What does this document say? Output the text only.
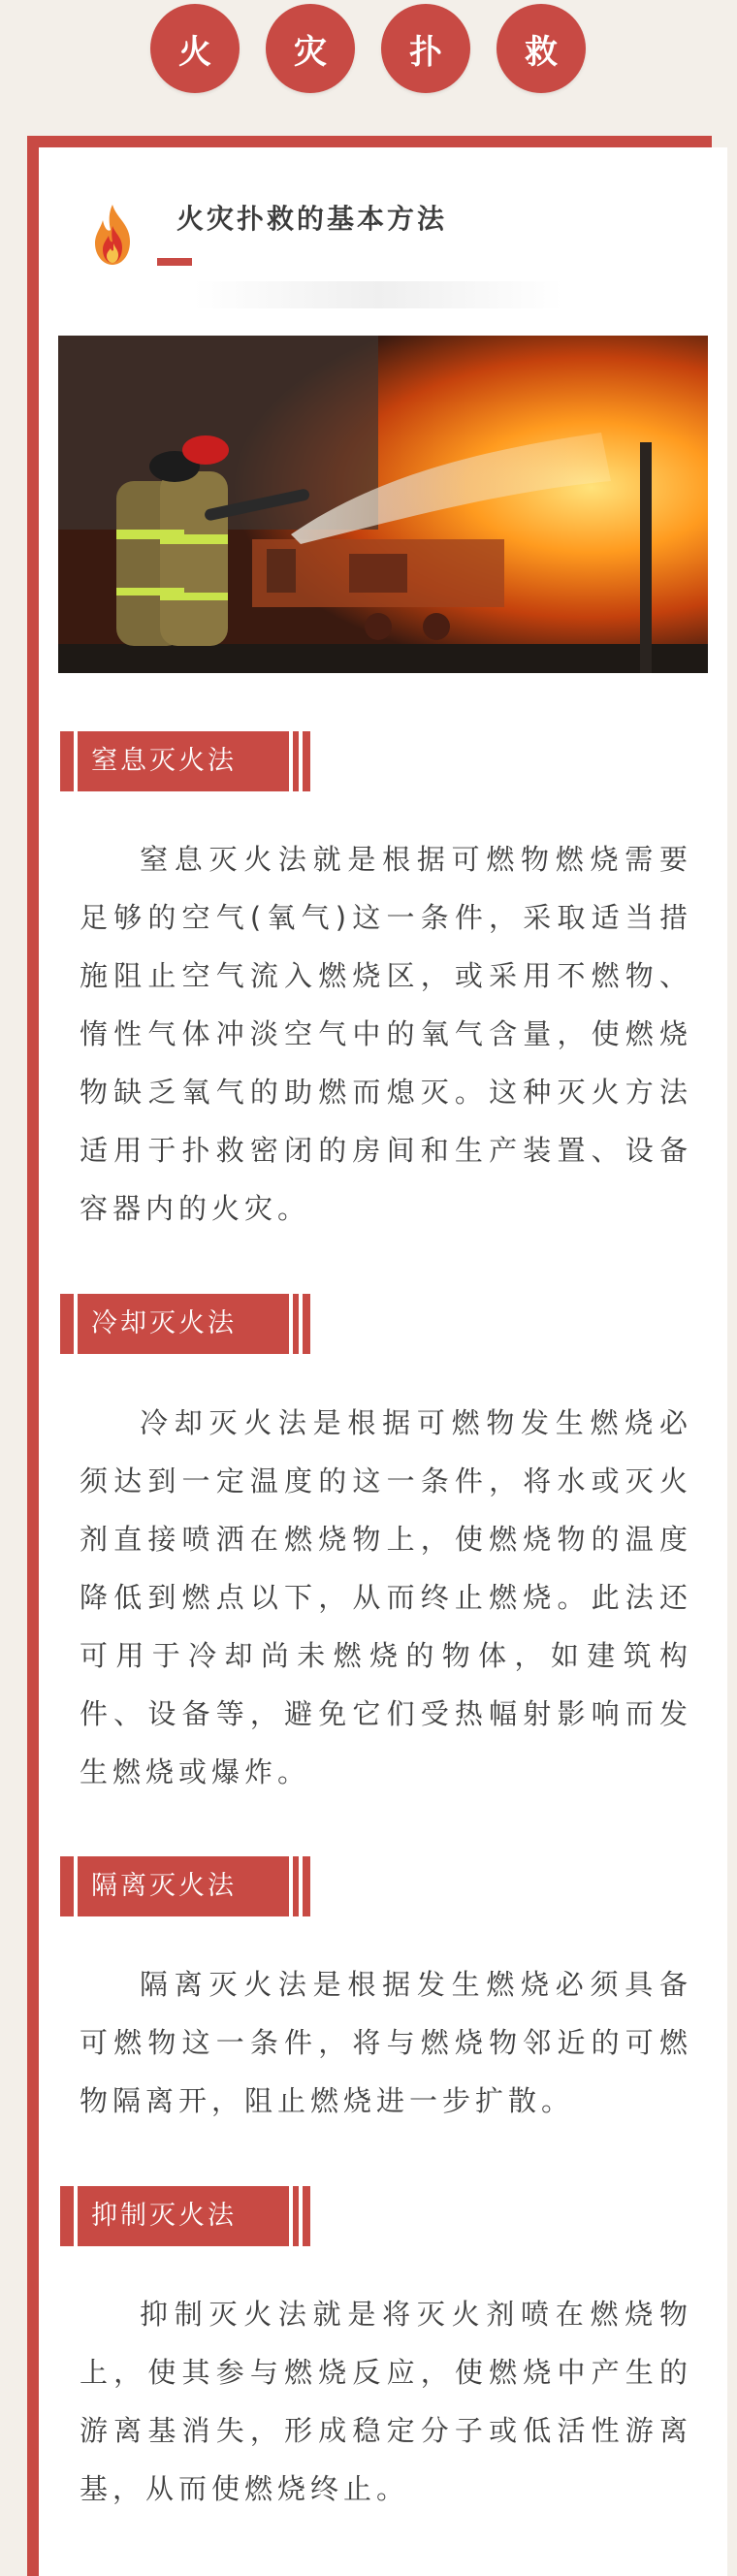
火	灾	扑	救
火灾扑救的基本方法
窒息灭火法
窒息灭火法就是根据可燃物燃烧需要足够的空气(氧气)这一条件，采取适当措施阻止空气流入燃烧区，或采用不燃物、惰性气体冲淡空气中的氧气含量，使燃烧物缺乏氧气的助燃而熄灭。这种灭火方法适用于扑救密闭的房间和生产装置、设备容器内的火灾。
冷却灭火法
冷却灭火法是根据可燃物发生燃烧必须达到一定温度的这一条件，将水或灭火剂直接喷洒在燃烧物上，使燃烧物的温度降低到燃点以下，从而终止燃烧。此法还可用于冷却尚未燃烧的物体，如建筑构件、设备等，避免它们受热幅射影响而发生燃烧或爆炸。
隔离灭火法
隔离灭火法是根据发生燃烧必须具备可燃物这一条件，将与燃烧物邻近的可燃物隔离开，阻止燃烧进一步扩散。
抑制灭火法
抑制灭火法就是将灭火剂喷在燃烧物上，使其参与燃烧反应，使燃烧中产生的游离基消失，形成稳定分子或低活性游离基，从而使燃烧终止。
